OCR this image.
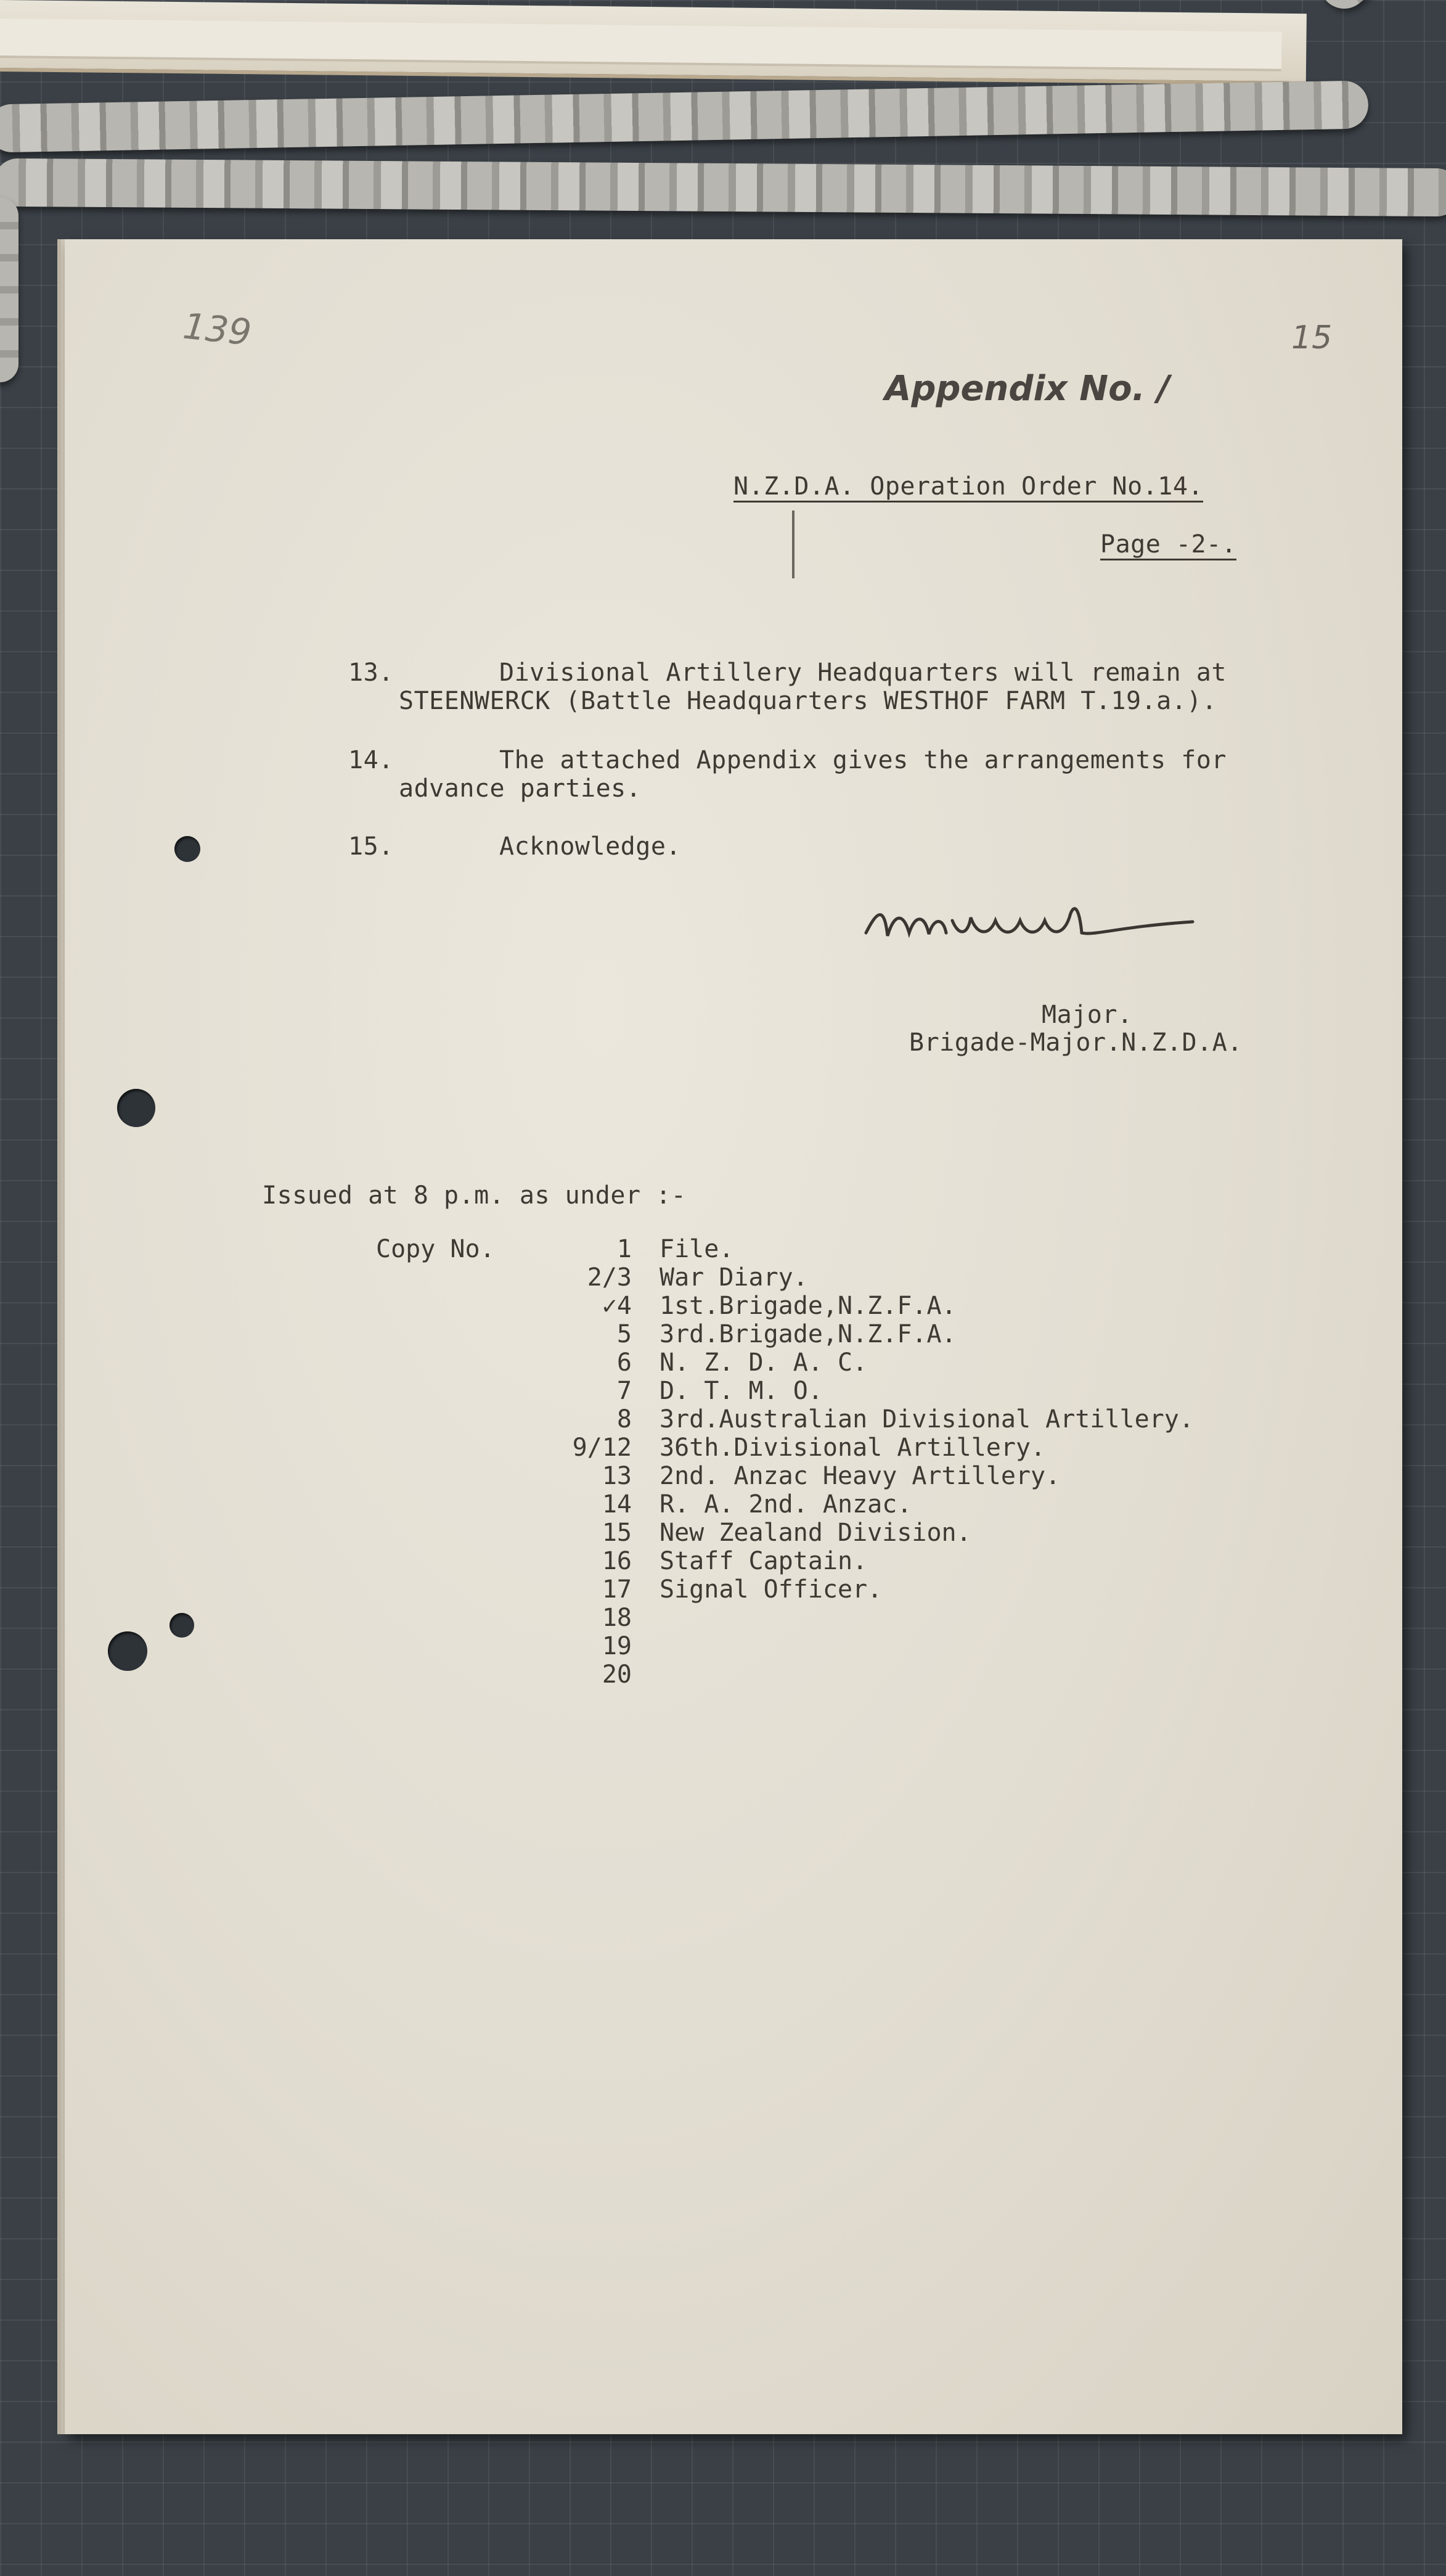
139	15
Appendix No. /
N.Z.D.A. Operation Order No.14.
Page -2-.
13.	Divisional Artillery Headquarters will remain at
STEENWERCK (Battle Headquarters WESTHOF FARM T.19.a.).
14.	The attached Appendix gives the arrangements for
advance parties.
15.	Acknowledge.
Major.
Brigade-Major.N.Z.D.A.
Issued at 8 p.m. as under :-
Copy No.	1	File.
	2/3	War Diary.
	✓4	1st.Brigade,N.Z.F.A.
	5	3rd.Brigade,N.Z.F.A.
	6	N. Z. D. A. C.
	7	D. T. M. O.
	8	3rd.Australian Divisional Artillery.
	9/12	36th.Divisional Artillery.
	13	2nd. Anzac Heavy Artillery.
	14	R. A. 2nd. Anzac.
	15	New Zealand Division.
	16	Staff Captain.
	17	Signal Officer.
	18	
	19	
	20	
